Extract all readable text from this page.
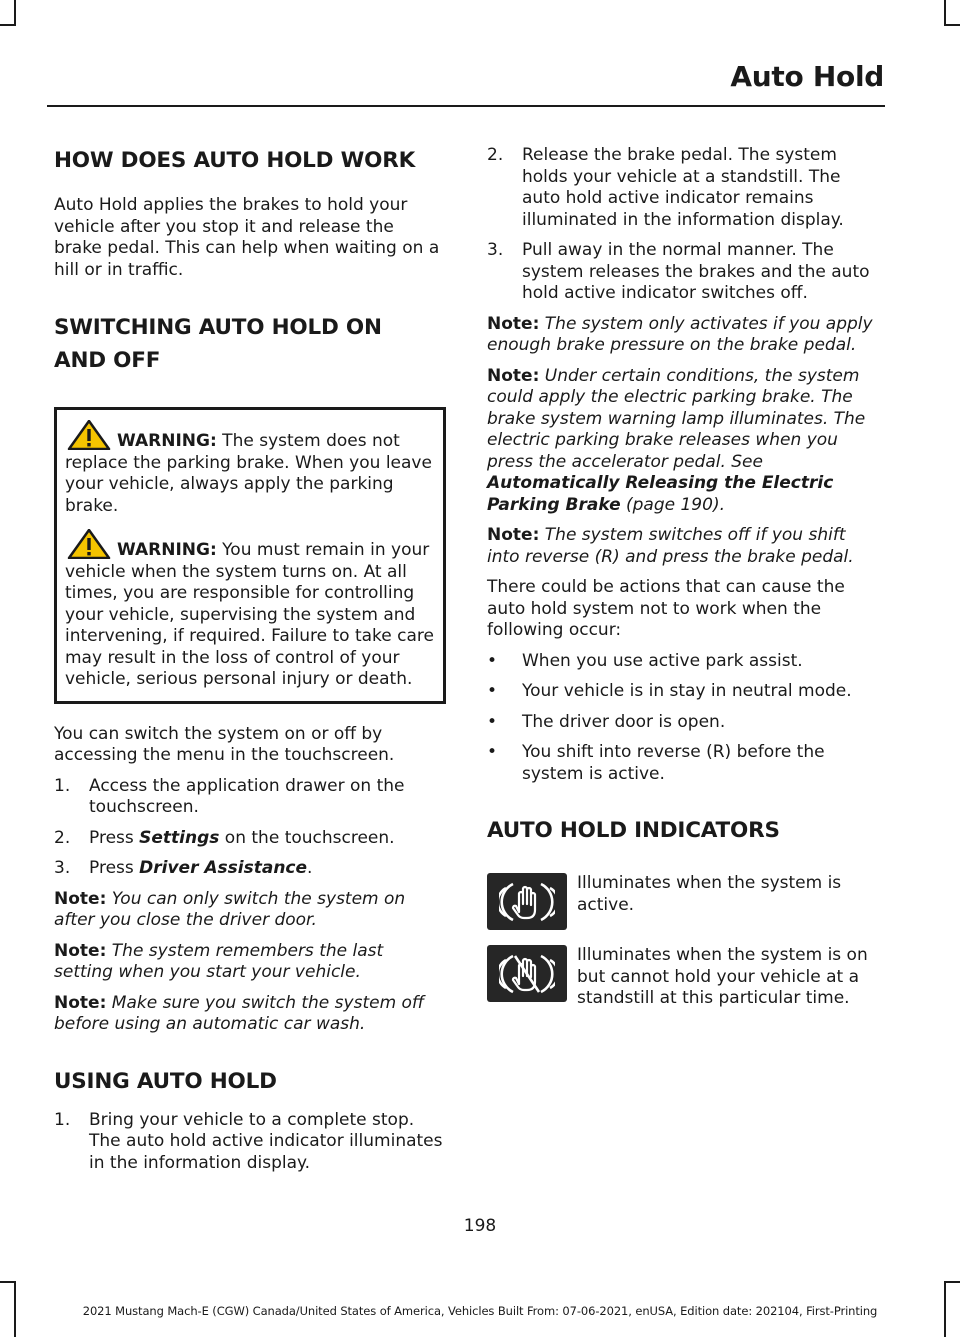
Auto Hold
HOW DOES AUTO HOLD WORK

Auto Hold applies the brakes to hold your vehicle after you stop it and release the brake pedal. This can help when waiting on a hill or in traffic.

SWITCHING AUTO HOLD ON AND OFF
WARNING: The system does not replace the parking brake. When you leave your vehicle, always apply the parking brake.
WARNING: You must remain in your vehicle when the system turns on. At all times, you are responsible for controlling your vehicle, supervising the system and intervening, if required. Failure to take care may result in the loss of control of your vehicle, serious personal injury or death.

You can switch the system on or off by accessing the menu in the touchscreen.

1. Access the application drawer on the touchscreen.
2. Press Settings on the touchscreen.
3. Press Driver Assistance.

Note: You can only switch the system on after you close the driver door.

Note: The system remembers the last setting when you start your vehicle.

Note: Make sure you switch the system off before using an automatic car wash.

USING AUTO HOLD
1. Bring your vehicle to a complete stop. The auto hold active indicator illuminates in the information display.
2. Release the brake pedal. The system holds your vehicle at a standstill. The auto hold active indicator remains illuminated in the information display.
3. Pull away in the normal manner. The system releases the brakes and the auto hold active indicator switches off.

Note: The system only activates if you apply enough brake pressure on the brake pedal.

Note: Under certain conditions, the system could apply the electric parking brake. The brake system warning lamp illuminates. The electric parking brake releases when you press the accelerator pedal. See Automatically Releasing the Electric Parking Brake (page 190).

Note: The system switches off if you shift into reverse (R) and press the brake pedal.

There could be actions that can cause the auto hold system not to work when the following occur:

• When you use active park assist.
• Your vehicle is in stay in neutral mode.
• The driver door is open.
• You shift into reverse (R) before the system is active.
AUTO HOLD INDICATORS

Illuminates when the system is active.

Illuminates when the system is on but cannot hold your vehicle at a standstill at this particular time.

198
2021 Mustang Mach-E (CGW) Canada/United States of America, Vehicles Built From: 07-06-2021, enUSA, Edition date: 202104, First-Printing
